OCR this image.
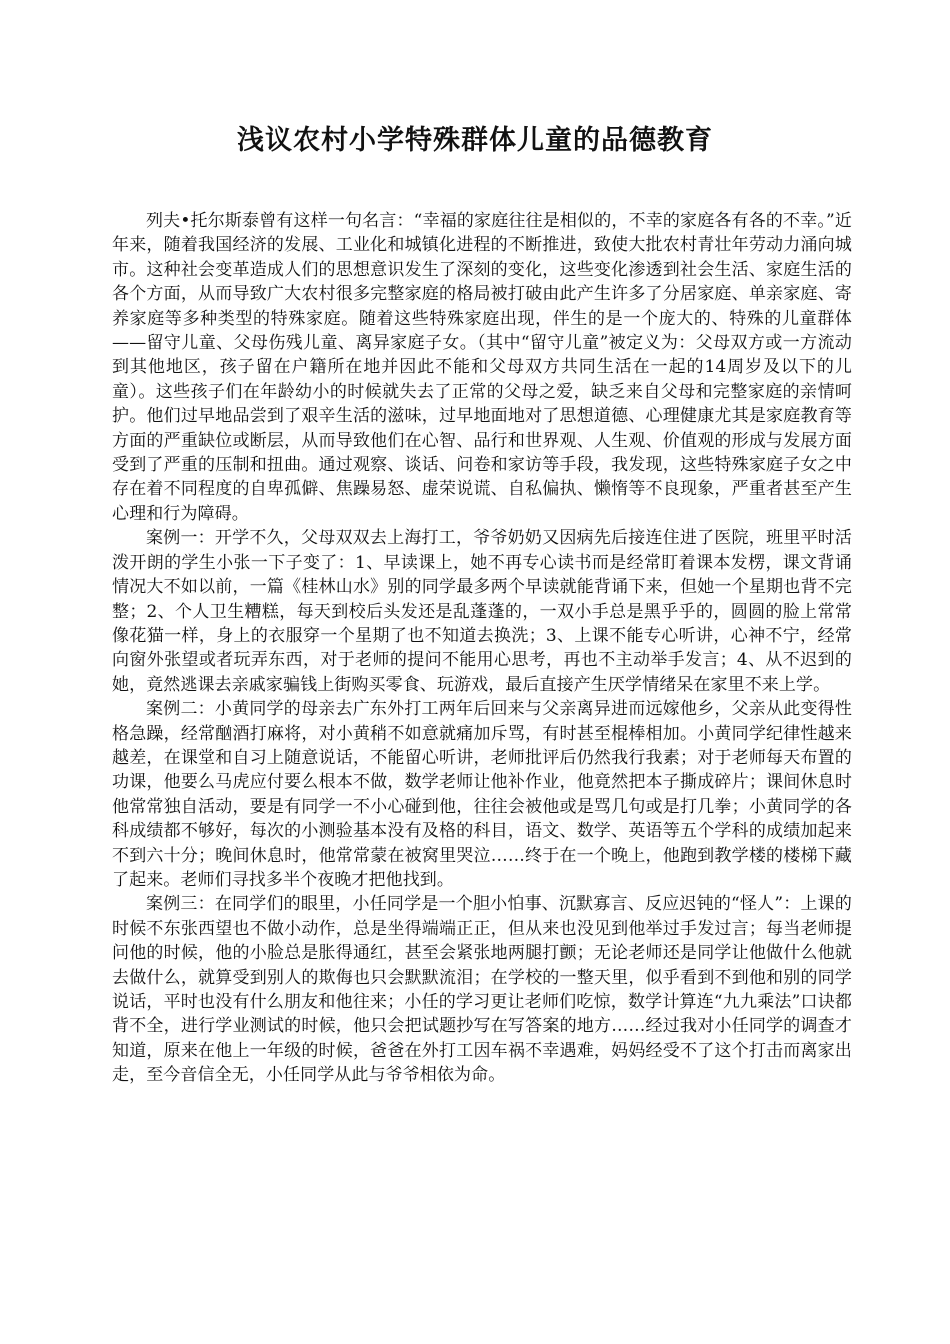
浅议农村小学特殊群体儿童的品德教育

列夫•托尔斯泰曾有这样一句名言：“幸福的家庭往往是相似的，不幸的家庭各有各的不幸。”近年来，随着我国经济的发展、工业化和城镇化进程的不断推进，致使大批农村青壮年劳动力涌向城市。这种社会变革造成人们的思想意识发生了深刻的变化，这些变化渗透到社会生活、家庭生活的各个方面，从而导致广大农村很多完整家庭的格局被打破由此产生许多了分居家庭、单亲家庭、寄养家庭等多种类型的特殊家庭。随着这些特殊家庭出现，伴生的是一个庞大的、特殊的儿童群体——留守儿童、父母伤残儿童、离异家庭子女。（其中“留守儿童”被定义为：父母双方或一方流动到其他地区，孩子留在户籍所在地并因此不能和父母双方共同生活在一起的14周岁及以下的儿童）。这些孩子们在年龄幼小的时候就失去了正常的父母之爱，缺乏来自父母和完整家庭的亲情呵护。他们过早地品尝到了艰辛生活的滋味，过早地面地对了思想道德、心理健康尤其是家庭教育等方面的严重缺位或断层，从而导致他们在心智、品行和世界观、人生观、价值观的形成与发展方面受到了严重的压制和扭曲。通过观察、谈话、问卷和家访等手段，我发现，这些特殊家庭子女之中存在着不同程度的自卑孤僻、焦躁易怒、虚荣说谎、自私偏执、懒惰等不良现象，严重者甚至产生心理和行为障碍。

案例一：开学不久，父母双双去上海打工，爷爷奶奶又因病先后接连住进了医院，班里平时活泼开朗的学生小张一下子变了：1、早读课上，她不再专心读书而是经常盯着课本发楞，课文背诵情况大不如以前，一篇《桂林山水》别的同学最多两个早读就能背诵下来，但她一个星期也背不完整；2、个人卫生糟糕，每天到校后头发还是乱蓬蓬的，一双小手总是黑乎乎的，圆圆的脸上常常像花猫一样，身上的衣服穿一个星期了也不知道去换洗；3、上课不能专心听讲，心神不宁，经常向窗外张望或者玩弄东西，对于老师的提问不能用心思考，再也不主动举手发言；4、从不迟到的她，竟然逃课去亲戚家骗钱上街购买零食、玩游戏，最后直接产生厌学情绪呆在家里不来上学。

案例二：小黄同学的母亲去广东外打工两年后回来与父亲离异进而远嫁他乡，父亲从此变得性格急躁，经常酗酒打麻将，对小黄稍不如意就痛加斥骂，有时甚至棍棒相加。小黄同学纪律性越来越差，在课堂和自习上随意说话，不能留心听讲，老师批评后仍然我行我素；对于老师每天布置的功课，他要么马虎应付要么根本不做，数学老师让他补作业，他竟然把本子撕成碎片；课间休息时他常常独自活动，要是有同学一不小心碰到他，往往会被他或是骂几句或是打几拳；小黄同学的各科成绩都不够好，每次的小测验基本没有及格的科目，语文、数学、英语等五个学科的成绩加起来不到六十分；晚间休息时，他常常蒙在被窝里哭泣……终于在一个晚上，他跑到教学楼的楼梯下藏了起来。老师们寻找多半个夜晚才把他找到。

案例三：在同学们的眼里，小任同学是一个胆小怕事、沉默寡言、反应迟钝的“怪人”：上课的时候不东张西望也不做小动作，总是坐得端端正正，但从来也没见到他举过手发过言；每当老师提问他的时候，他的小脸总是胀得通红，甚至会紧张地两腿打颤；无论老师还是同学让他做什么他就去做什么，就算受到别人的欺侮也只会默默流泪；在学校的一整天里，似乎看到不到他和别的同学说话，平时也没有什么朋友和他往来；小任的学习更让老师们吃惊，数学计算连“九九乘法”口诀都背不全，进行学业测试的时候，他只会把试题抄写在写答案的地方……经过我对小任同学的调查才知道，原来在他上一年级的时候，爸爸在外打工因车祸不幸遇难，妈妈经受不了这个打击而离家出走，至今音信全无，小任同学从此与爷爷相依为命。
